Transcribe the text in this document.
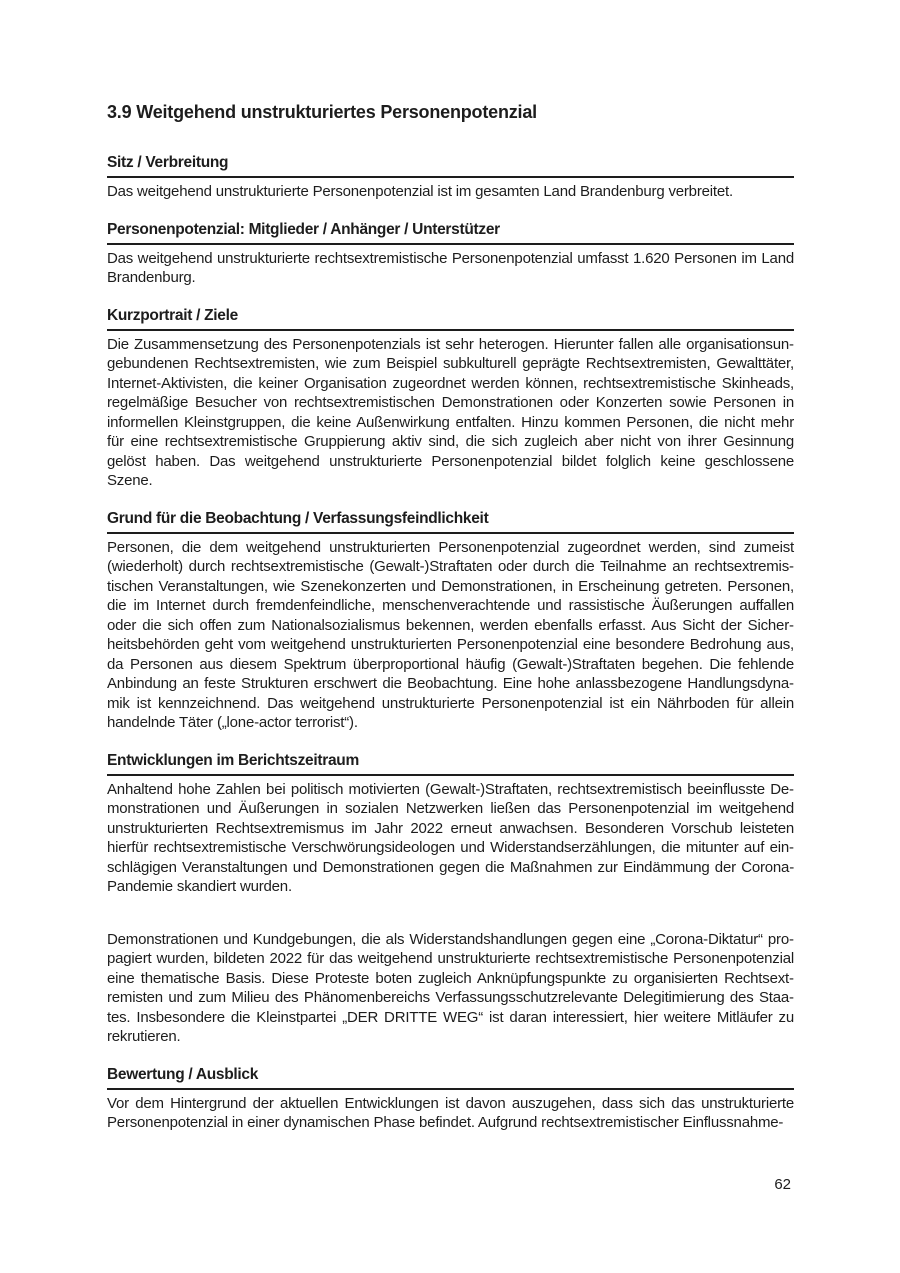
3.9 Weitgehend unstrukturiertes Personenpotenzial
Sitz / Verbreitung

Das weitgehend unstrukturierte Personenpotenzial ist im gesamten Land Brandenburg verbreitet.

Personenpotenzial: Mitglieder / Anhänger / Unterstützer

Das weitgehend unstrukturierte rechtsextremistische Personenpotenzial umfasst 1.620 Personen im Land Brandenburg.

Kurzportrait / Ziele

Die Zusammensetzung des Personenpotenzials ist sehr heterogen. Hierunter fallen alle organisationsungebundenen Rechtsextremisten, wie zum Beispiel subkulturell geprägte Rechtsextremisten, Gewalttäter, Internet-Aktivisten, die keiner Organisation zugeordnet werden können, rechtsextremistische Skinheads, regelmäßige Besucher von rechtsextremistischen Demonstrationen oder Konzerten sowie Personen in informellen Kleinstgruppen, die keine Außenwirkung entfalten. Hinzu kommen Personen, die nicht mehr für eine rechtsextremistische Gruppierung aktiv sind, die sich zugleich aber nicht von ihrer Gesinnung gelöst haben. Das weitgehend unstrukturierte Personenpotenzial bildet folglich keine geschlossene Szene.

Grund für die Beobachtung / Verfassungsfeindlichkeit

Personen, die dem weitgehend unstrukturierten Personenpotenzial zugeordnet werden, sind zumeist (wiederholt) durch rechtsextremistische (Gewalt-)Straftaten oder durch die Teilnahme an rechtsextremistischen Veranstaltungen, wie Szenekonzerten und Demonstrationen, in Erscheinung getreten. Personen, die im Internet durch fremdenfeindliche, menschenverachtende und rassistische Äußerungen auffallen oder die sich offen zum Nationalsozialismus bekennen, werden ebenfalls erfasst. Aus Sicht der Sicherheitsbehörden geht vom weitgehend unstrukturierten Personenpotenzial eine besondere Bedrohung aus, da Personen aus diesem Spektrum überproportional häufig (Gewalt-)Straftaten begehen. Die fehlende Anbindung an feste Strukturen erschwert die Beobachtung. Eine hohe anlassbezogene Handlungsdynamik ist kennzeichnend. Das weitgehend unstrukturierte Personenpotenzial ist ein Nährboden für allein handelnde Täter („lone-actor terrorist“).

Entwicklungen im Berichtszeitraum

Anhaltend hohe Zahlen bei politisch motivierten (Gewalt-)Straftaten, rechtsextremistisch beeinflusste Demonstrationen und Äußerungen in sozialen Netzwerken ließen das Personenpotenzial im weitgehend unstrukturierten Rechtsextremismus im Jahr 2022 erneut anwachsen. Besonderen Vorschub leisteten hierfür rechtsextremistische Verschwörungsideologen und Widerstandserzählungen, die mitunter auf einschlägigen Veranstaltungen und Demonstrationen gegen die Maßnahmen zur Eindämmung der Corona-Pandemie skandiert wurden.

Demonstrationen und Kundgebungen, die als Widerstandshandlungen gegen eine „Corona-Diktatur“ propagiert wurden, bildeten 2022 für das weitgehend unstrukturierte rechtsextremistische Personenpotenzial eine thematische Basis. Diese Proteste boten zugleich Anknüpfungspunkte zu organisierten Rechtsextremisten und zum Milieu des Phänomenbereichs Verfassungsschutzrelevante Delegitimierung des Staates. Insbesondere die Kleinstpartei „DER DRITTE WEG“ ist daran interessiert, hier weitere Mitläufer zu rekrutieren.

Bewertung / Ausblick

Vor dem Hintergrund der aktuellen Entwicklungen ist davon auszugehen, dass sich das unstrukturierte Personenpotenzial in einer dynamischen Phase befindet. Aufgrund rechtsextremistischer Einflussnahme-

62
